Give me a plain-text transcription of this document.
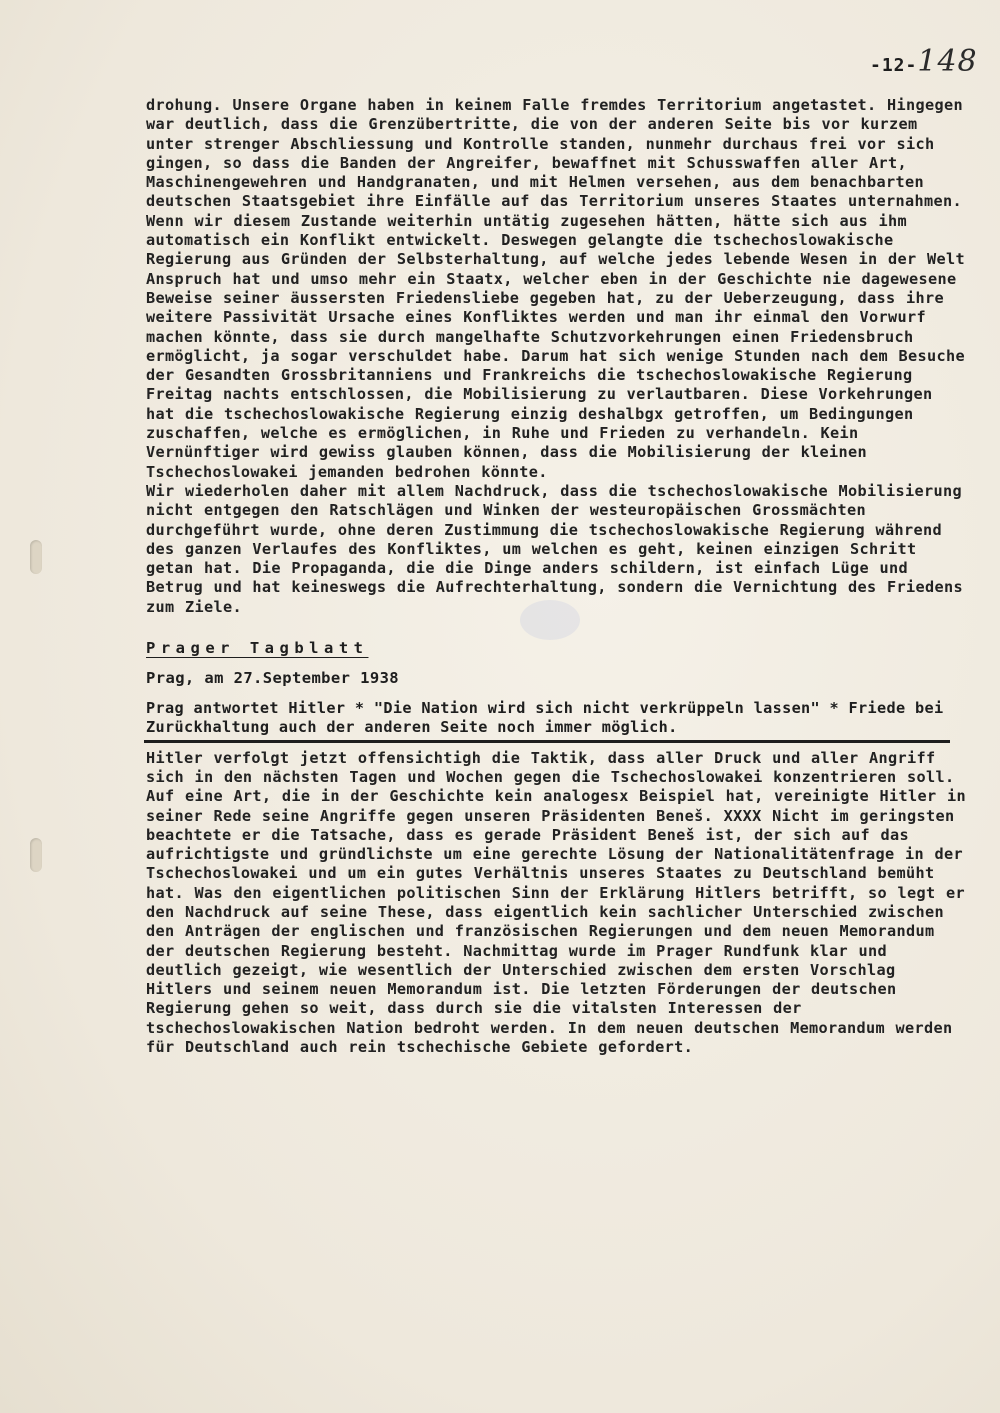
-12-148

drohung. Unsere Organe haben in keinem Falle fremdes Territorium angetastet. Hingegen war deutlich, dass die Grenzübertritte, die von der anderen Seite bis vor kurzem unter strenger Abschliessung und Kontrolle standen, nunmehr durchaus frei vor sich gingen, so dass die Banden der Angreifer, bewaffnet mit Schusswaffen aller Art, Maschinengewehren und Handgranaten, und mit Helmen versehen, aus dem benachbarten deutschen Staatsgebiet ihre Einfälle auf das Territorium unseres Staates unternahmen.

Wenn wir diesem Zustande weiterhin untätig zugesehen hätten, hätte sich aus ihm automatisch ein Konflikt entwickelt. Deswegen gelangte die tschechoslowakische Regierung aus Gründen der Selbsterhaltung, auf welche jedes lebende Wesen in der Welt Anspruch hat und umso mehr ein Staatx, welcher eben in der Geschichte nie dagewesene Beweise seiner äussersten Friedensliebe gegeben hat, zu der Ueberzeugung, dass ihre weitere Passivität Ursache eines Konfliktes werden und man ihr einmal den Vorwurf machen könnte, dass sie durch mangelhafte Schutzvorkehrungen einen Friedensbruch ermöglicht, ja sogar verschuldet habe. Darum hat sich wenige Stunden nach dem Besuche der Gesandten Grossbritanniens und Frankreichs die tschechoslowakische Regierung Freitag nachts entschlossen, die Mobilisierung zu verlautbaren. Diese Vorkehrungen hat die tschechoslowakische Regierung einzig deshalbgx getroffen, um Bedingungen zuschaffen, welche es ermöglichen, in Ruhe und Frieden zu verhandeln. Kein Vernünftiger wird gewiss glauben können, dass die Mobilisierung der kleinen Tschechoslowakei jemanden bedrohen könnte.

Wir wiederholen daher mit allem Nachdruck, dass die tschechoslowakische Mobilisierung nicht entgegen den Ratschlägen und Winken der westeuropäischen Grossmächten durchgeführt wurde, ohne deren Zustimmung die tschechoslowakische Regierung während des ganzen Verlaufes des Konfliktes, um welchen es geht, keinen einzigen Schritt getan hat. Die Propaganda, die die Dinge anders schildern, ist einfach Lüge und Betrug und hat keineswegs die Aufrechterhaltung, sondern die Vernichtung des Friedens zum Ziele.

Prager Tagblatt
Prag, am 27.September 1938
Prag antwortet Hitler * "Die Nation wird sich nicht verkrüppeln lassen" * Friede bei Zurückhaltung auch der anderen Seite noch immer möglich.

Hitler verfolgt jetzt offensichtigh die Taktik, dass aller Druck und aller Angriff sich in den nächsten Tagen und Wochen gegen die Tschechoslowakei konzentrieren soll. Auf eine Art, die in der Geschichte kein analogesx Beispiel hat, vereinigte Hitler in seiner Rede seine Angriffe gegen unseren Präsidenten Beneš. XXXX Nicht im geringsten beachtete er die Tatsache, dass es gerade Präsident Beneš ist, der sich auf das aufrichtigste und gründlichste um eine gerechte Lösung der Nationalitätenfrage in der Tschechoslowakei und um ein gutes Verhältnis unseres Staates zu Deutschland bemüht hat. Was den eigentlichen politischen Sinn der Erklärung Hitlers betrifft, so legt er den Nachdruck auf seine These, dass eigentlich kein sachlicher Unterschied zwischen den Anträgen der englischen und französischen Regierungen und dem neuen Memorandum der deutschen Regierung besteht. Nachmittag wurde im Prager Rundfunk klar und deutlich gezeigt, wie wesentlich der Unterschied zwischen dem ersten Vorschlag Hitlers und seinem neuen Memorandum ist. Die letzten Förderungen der deutschen Regierung gehen so weit, dass durch sie die vitalsten Interessen der tschechoslowakischen Nation bedroht werden. In dem neuen deutschen Memorandum werden für Deutschland auch rein tschechische Gebiete gefordert.
